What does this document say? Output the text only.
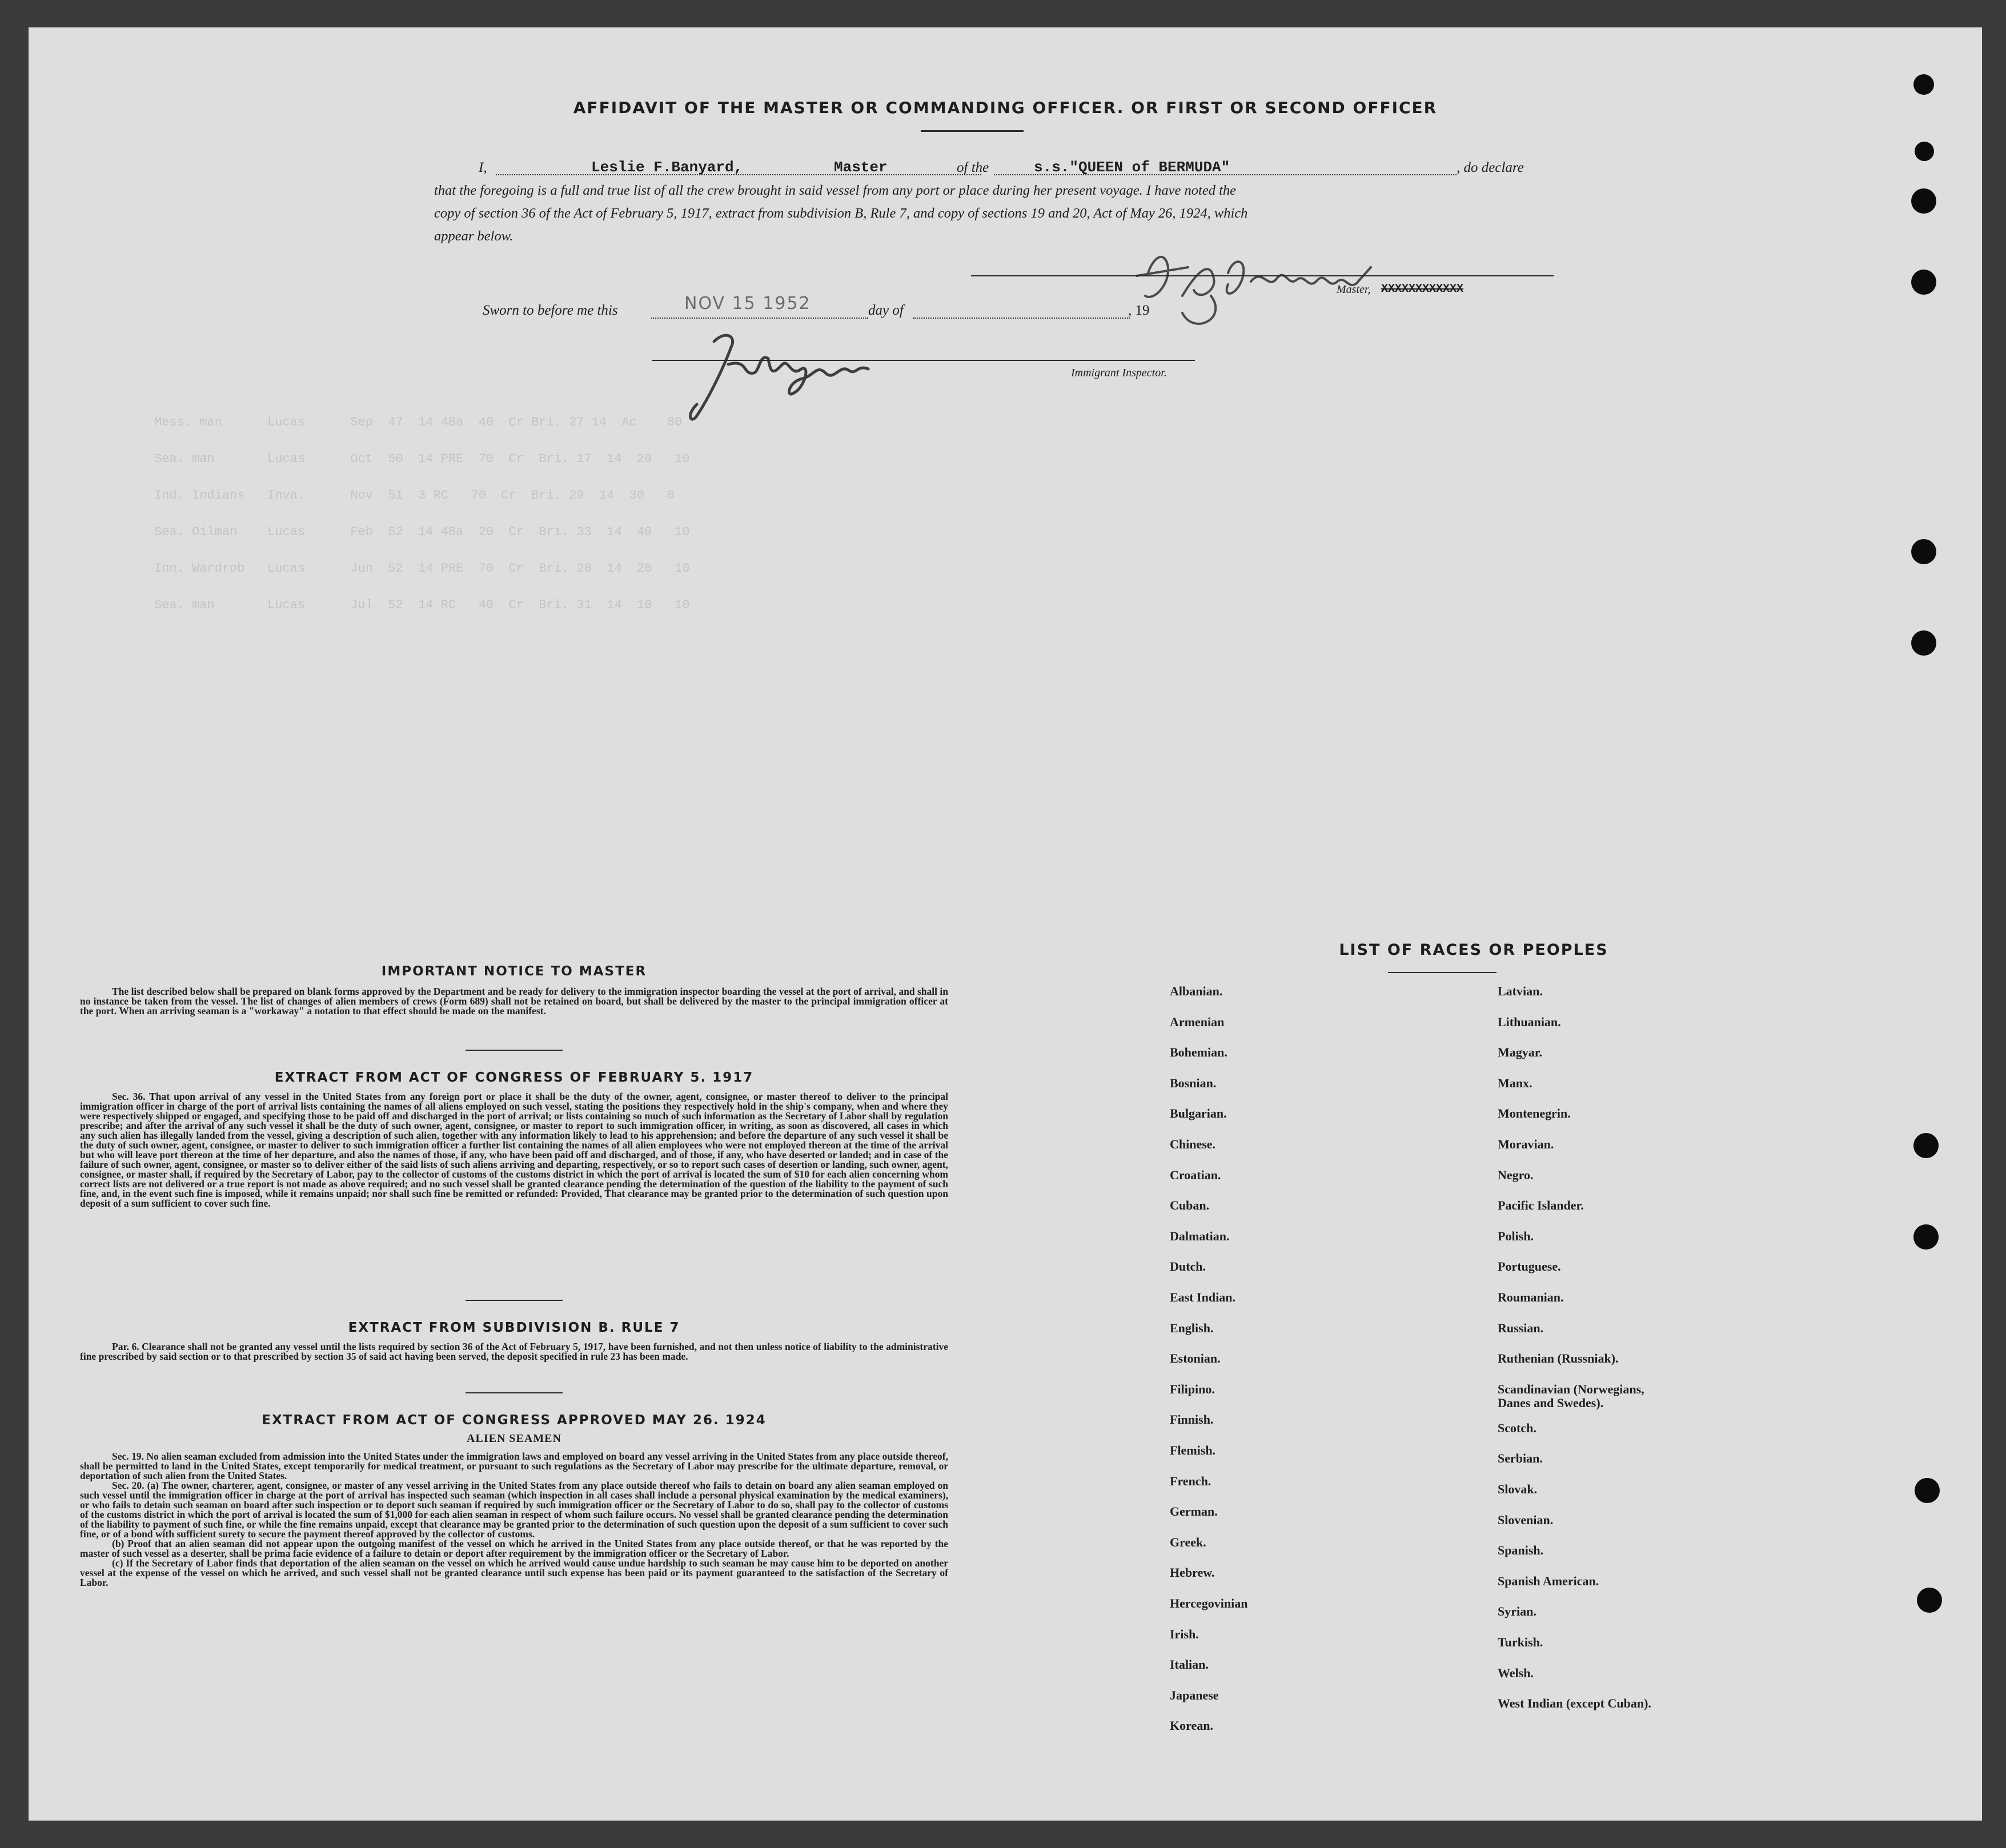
Mess. man      Lucas      Sep  47  14 4Ba  40  Cr Bri. 27 14  Ac    80
Sea. man       Lucas      Oct  50  14 PRE  70  Cr  Bri. 17  14  20   10
Ind. Indians   Inva.      Nov  51  3 RC   70  Cr  Bri. 29  14  30   0
Sea. Oilman    Lucas      Feb  52  14 4Ba  20  Cr  Bri. 33  14  40   10
Inn. Wardrob   Lucas      Jun  52  14 PRE  70  Cr  Bri. 28  14  20   10
Sea. man       Lucas      Jul  52  14 RC   40  Cr  Bri. 31  14  10   10
AFFIDAVIT OF THE MASTER OR COMMANDING OFFICER. OR FIRST OR SECOND OFFICER
I,	Leslie F.Banyard,	Master	of the	s.s."QUEEN of BERMUDA"	, do declare
that the foregoing is a full and true list of all the crew brought in said vessel from any port or place during her present voyage. I have noted the
copy of section 36 of the Act of February 5, 1917, extract from subdivision B, Rule 7, and copy of sections 19 and 20, Act of May 26, 1924, which
appear below.
Master, XXXXXXXXXXXX
Sworn to before me this	NOV 15 1952	day of	, 19
Immigrant Inspector.
IMPORTANT NOTICE TO MASTER

The list described below shall be prepared on blank forms approved by the Department and be ready for delivery to the immigration inspector boarding the vessel at the port of arrival, and shall in no instance be taken from the vessel. The list of changes of alien members of crews (Form 689) shall not be retained on board, but shall be delivered by the master to the principal immigration officer at the port. When an arriving seaman is a "workaway" a notation to that effect should be made on the manifest.

EXTRACT FROM ACT OF CONGRESS OF FEBRUARY 5. 1917

Sec. 36. That upon arrival of any vessel in the United States from any foreign port or place it shall be the duty of the owner, agent, consignee, or master thereof to deliver to the principal immigration officer in charge of the port of arrival lists containing the names of all aliens employed on such vessel, stating the positions they respectively hold in the ship's company, when and where they were respectively shipped or engaged, and specifying those to be paid off and discharged in the port of arrival; or lists containing so much of such information as the Secretary of Labor shall by regulation prescribe; and after the arrival of any such vessel it shall be the duty of such owner, agent, consignee, or master to report to such immigration officer, in writing, as soon as discovered, all cases in which any such alien has illegally landed from the vessel, giving a description of such alien, together with any information likely to lead to his apprehension; and before the departure of any such vessel it shall be the duty of such owner, agent, consignee, or master to deliver to such immigration officer a further list containing the names of all alien employees who were not employed thereon at the time of the arrival but who will leave port thereon at the time of her departure, and also the names of those, if any, who have been paid off and discharged, and of those, if any, who have deserted or landed; and in case of the failure of such owner, agent, consignee, or master so to deliver either of the said lists of such aliens arriving and departing, respectively, or so to report such cases of desertion or landing, such owner, agent, consignee, or master shall, if required by the Secretary of Labor, pay to the collector of customs of the customs district in which the port of arrival is located the sum of $10 for each alien concerning whom correct lists are not delivered or a true report is not made as above required; and no such vessel shall be granted clearance pending the determination of the question of the liability to the payment of such fine, and, in the event such fine is imposed, while it remains unpaid; nor shall such fine be remitted or refunded: Provided, That clearance may be granted prior to the determination of such question upon deposit of a sum sufficient to cover such fine.

EXTRACT FROM SUBDIVISION B. RULE 7

Par. 6. Clearance shall not be granted any vessel until the lists required by section 36 of the Act of February 5, 1917, have been furnished, and not then unless notice of liability to the administrative fine prescribed by said section or to that prescribed by section 35 of said act having been served, the deposit specified in rule 23 has been made.

EXTRACT FROM ACT OF CONGRESS APPROVED MAY 26. 1924
ALIEN SEAMEN

Sec. 19. No alien seaman excluded from admission into the United States under the immigration laws and employed on board any vessel arriving in the United States from any place outside thereof, shall be permitted to land in the United States, except temporarily for medical treatment, or pursuant to such regulations as the Secretary of Labor may prescribe for the ultimate departure, removal, or deportation of such alien from the United States.

Sec. 20. (a) The owner, charterer, agent, consignee, or master of any vessel arriving in the United States from any place outside thereof who fails to detain on board any alien seaman employed on such vessel until the immigration officer in charge at the port of arrival has inspected such seaman (which inspection in all cases shall include a personal physical examination by the medical examiners), or who fails to detain such seaman on board after such inspection or to deport such seaman if required by such immigration officer or the Secretary of Labor to do so, shall pay to the collector of customs of the customs district in which the port of arrival is located the sum of $1,000 for each alien seaman in respect of whom such failure occurs. No vessel shall be granted clearance pending the determination of the liability to payment of such fine, or while the fine remains unpaid, except that clearance may be granted prior to the determination of such question upon the deposit of a sum sufficient to cover such fine, or of a bond with sufficient surety to secure the payment thereof approved by the collector of customs.

(b) Proof that an alien seaman did not appear upon the outgoing manifest of the vessel on which he arrived in the United States from any place outside thereof, or that he was reported by the master of such vessel as a deserter, shall be prima facie evidence of a failure to detain or deport after requirement by the immigration officer or the Secretary of Labor.

(c) If the Secretary of Labor finds that deportation of the alien seaman on the vessel on which he arrived would cause undue hardship to such seaman he may cause him to be deported on another vessel at the expense of the vessel on which he arrived, and such vessel shall not be granted clearance until such expense has been paid or its payment guaranteed to the satisfaction of the Secretary of Labor.

LIST OF RACES OR PEOPLES
Albanian.
Armenian
Bohemian.
Bosnian.
Bulgarian.
Chinese.
Croatian.
Cuban.
Dalmatian.
Dutch.
East Indian.
English.
Estonian.
Filipino.
Finnish.
Flemish.
French.
German.
Greek.
Hebrew.
Hercegovinian
Irish.
Italian.
Japanese
Korean.
Latvian.
Lithuanian.
Magyar.
Manx.
Montenegrin.
Moravian.
Negro.
Pacific Islander.
Polish.
Portuguese.
Roumanian.
Russian.
Ruthenian (Russniak).
Scandinavian (Norwegians,
Danes and Swedes).
Scotch.
Serbian.
Slovak.
Slovenian.
Spanish.
Spanish American.
Syrian.
Turkish.
Welsh.
West Indian (except Cuban).
